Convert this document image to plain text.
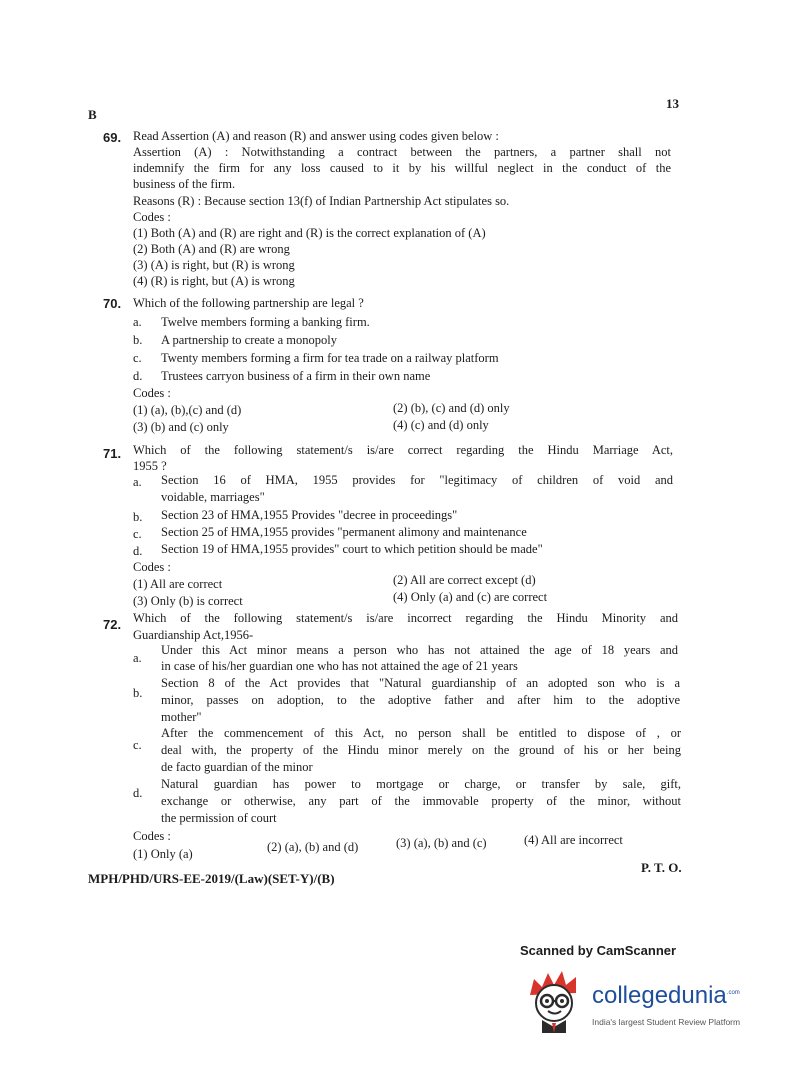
B
13
69. Read Assertion (A) and reason (R) and answer using codes given below :
Assertion (A) : Notwithstanding a contract between the partners, a partner shall not
indemnify the firm for any loss caused to it by his willful neglect in the conduct of the
business of the firm.
Reasons (R) : Because section 13(f) of Indian Partnership Act stipulates so.
Codes :
(1) Both (A) and (R) are right and (R) is the correct explanation of (A)
(2) Both (A) and (R) are wrong
(3) (A) is right, but (R) is wrong
(4) (R) is right, but (A) is wrong
70. Which of the following partnership are legal ?
a. Twelve members forming a banking firm.
b. A partnership to create a monopoly
c. Twenty members forming a firm for tea trade on a railway platform
d. Trustees carryon business of a firm in their own name
Codes :
(1) (a), (b),(c) and (d)	(2) (b), (c) and (d) only
(3) (b) and (c) only	(4) (c) and (d) only
71. Which of the following statement/s is/are correct regarding the Hindu Marriage Act,
1955 ?
a. Section 16 of HMA, 1955 provides for "legitimacy of children of void and
voidable, marriages"
b. Section 23 of HMA,1955 Provides "decree in proceedings"
c. Section 25 of HMA,1955 provides "permanent alimony and maintenance
d. Section 19 of HMA,1955 provides" court to which petition should be made"
Codes :
(1) All are correct	(2) All are correct except (d)
(3) Only (b) is correct	(4) Only (a) and (c) are correct
72. Which of the following statement/s is/are incorrect regarding the Hindu Minority and
Guardianship Act,1956-
a.
Under this Act minor means a person who has not attained the age of 18 years and
in case of his/her guardian one who has not attained the age of 21 years
b.
Section 8 of the Act provides that "Natural guardianship of an adopted son who is a
minor, passes on adoption, to the adoptive father and after him to the adoptive
mother"
c.
After the commencement of this Act, no person shall be entitled to dispose of , or
deal with, the property of the Hindu minor merely on the ground of his or her being
de facto guardian of the minor
d.
Natural guardian has power to mortgage or charge, or transfer by sale, gift,
exchange or otherwise, any part of the immovable property of the minor, without
the permission of court
Codes :
(1) Only (a)	(2) (a), (b) and (d)	(3) (a), (b) and (c)	(4) All are incorrect
MPH/PHD/URS-EE-2019/(Law)(SET-Y)/(B)
P. T. O.
Scanned by CamScanner
collegedunia$^{.com}$
India's largest Student Review Platform
